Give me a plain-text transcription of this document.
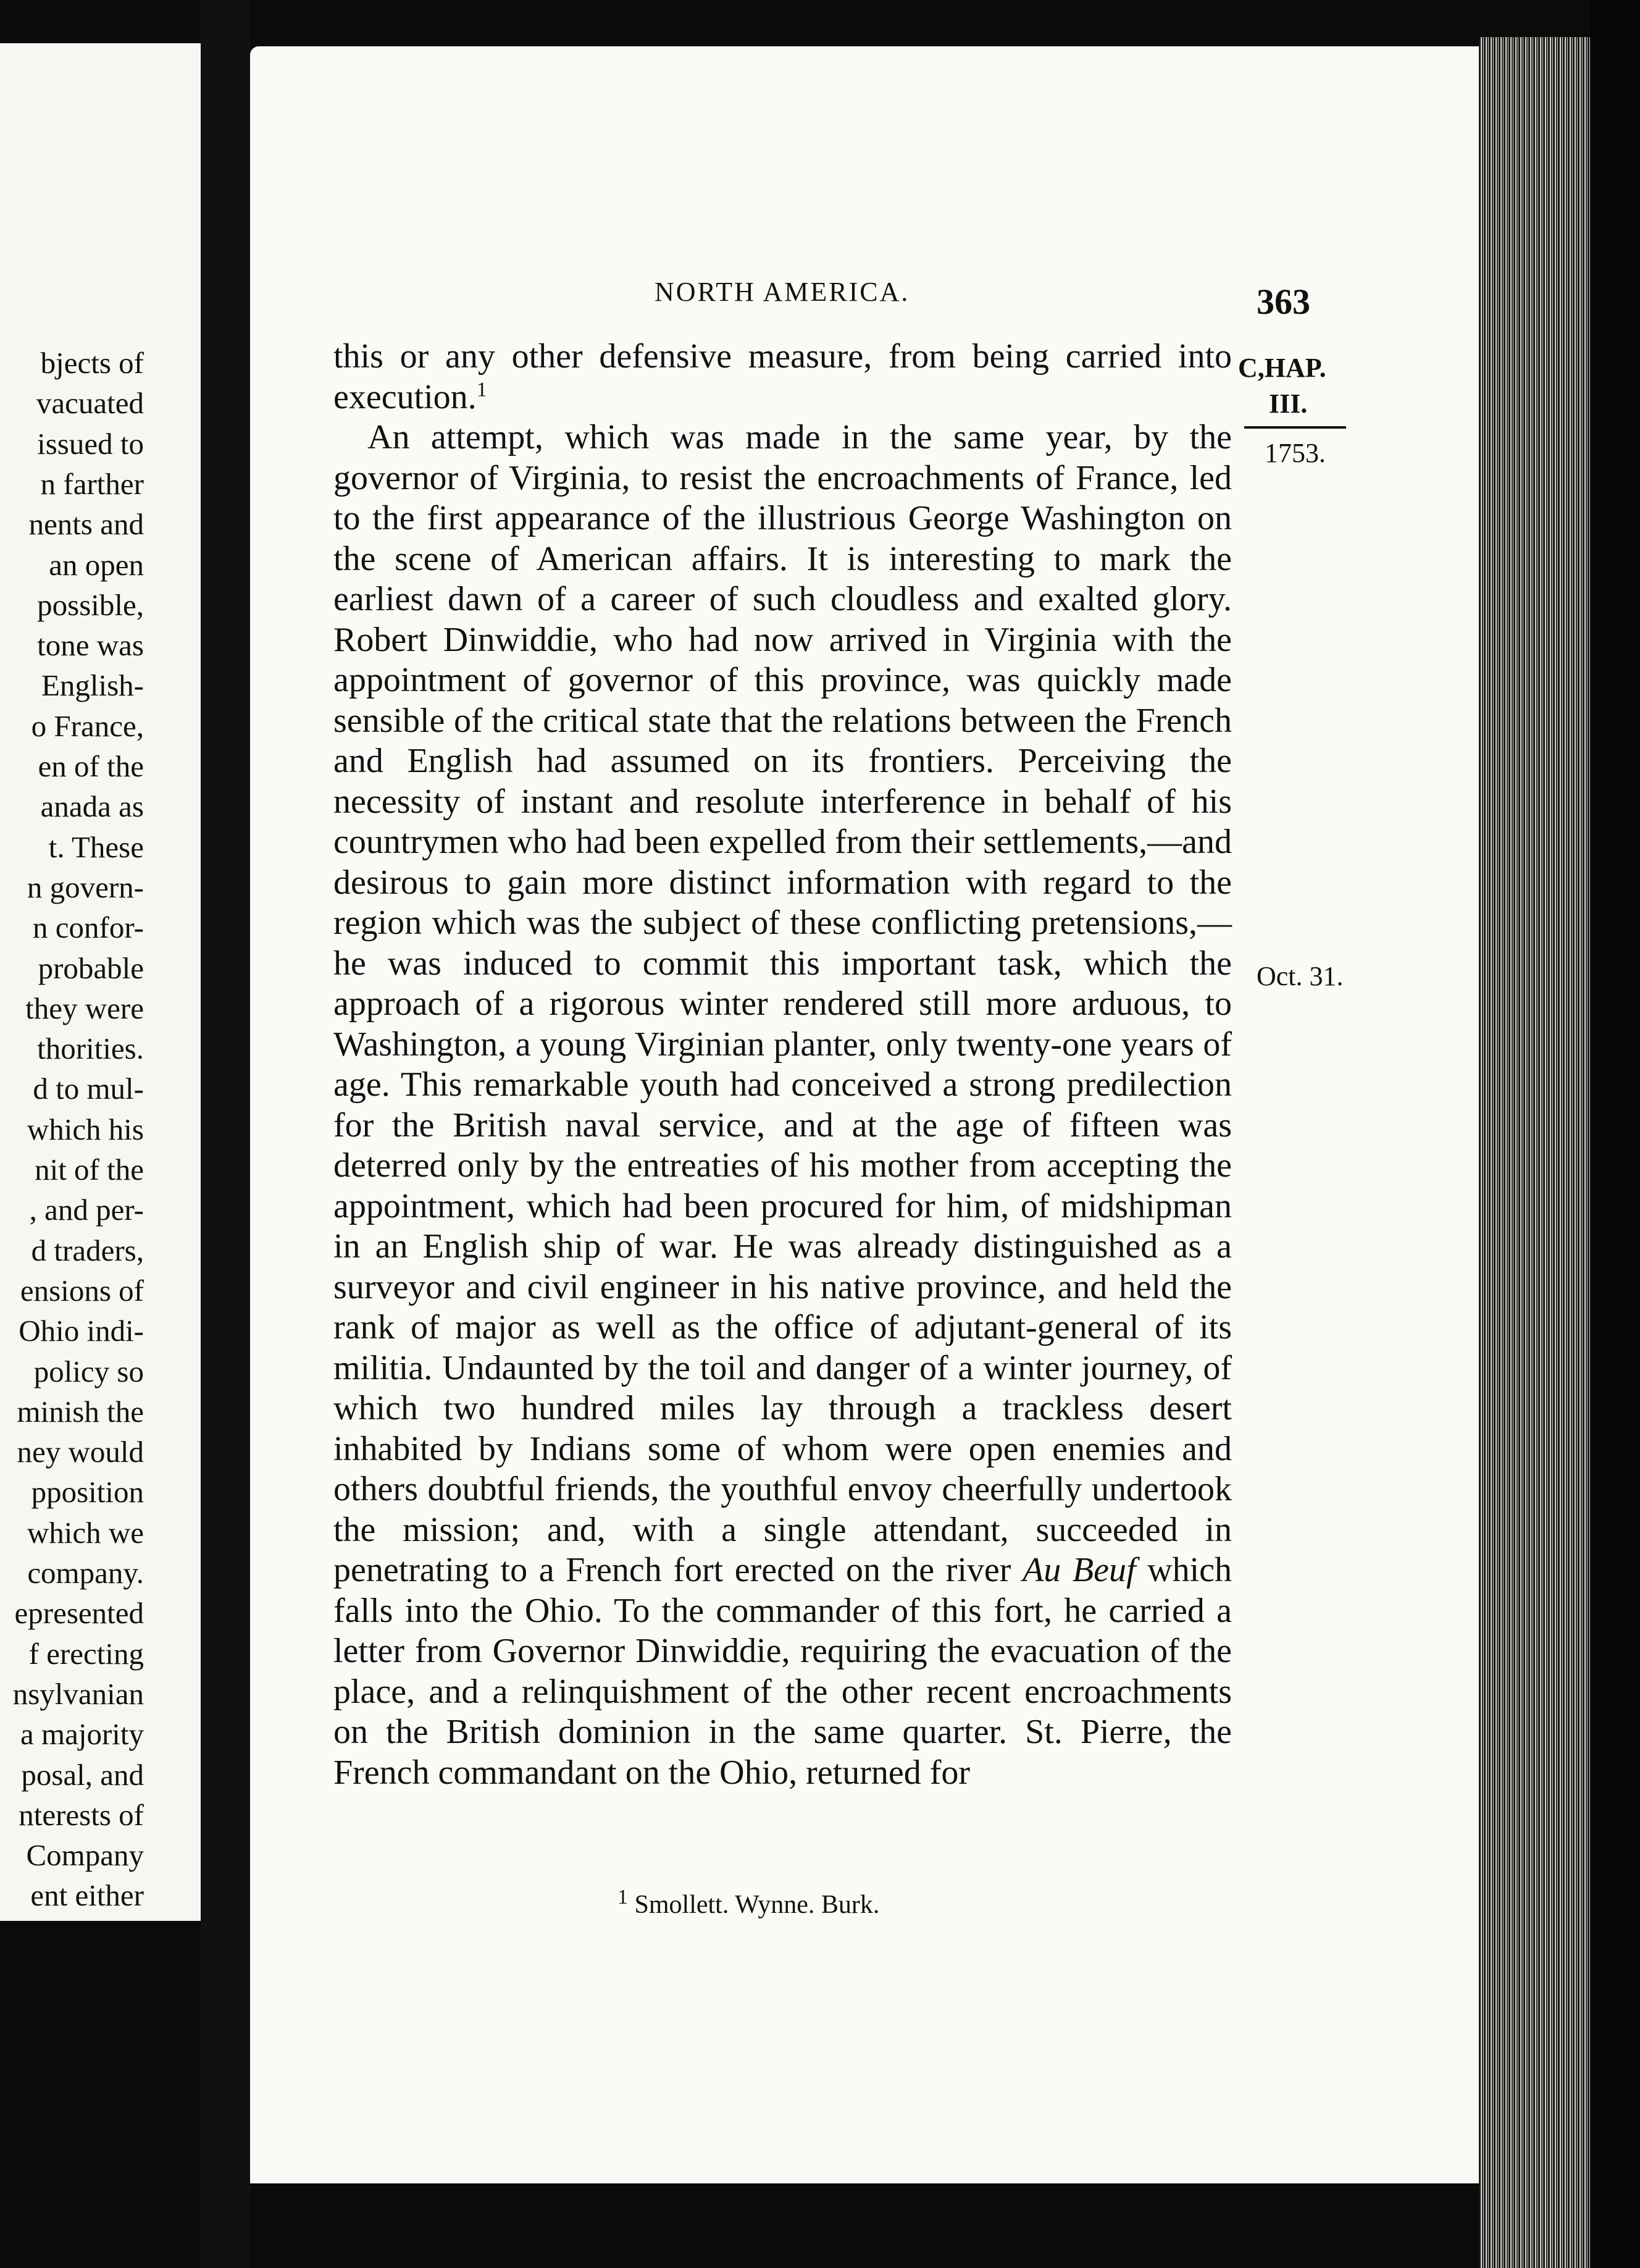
bjects of
vacuated
issued to
n farther
nents and
an open
possible,
tone was
English-
o France,
en of the
anada as
t. These
n govern-
n confor-
probable
they were
thorities.
d to mul-
which his
nit of the
, and per-
d traders,
ensions of
Ohio indi-
policy so
minish the
ney would
pposition
which we
company.
epresented
f erecting
nsylvanian
a majority
posal, and
nterests of
Company
ent either
NORTH AMERICA.	363
C,HAP.
III.
1753.
Oct. 31.

this or any other defensive measure, from being carried into execution.$^1$

An attempt, which was made in the same year, by the governor of Virginia, to resist the encroachments of France, led to the first appearance of the illustrious George Washington on the scene of American affairs. It is interesting to mark the earliest dawn of a career of such cloudless and exalted glory. Robert Dinwiddie, who had now arrived in Virginia with the appointment of governor of this province, was quickly made sensible of the critical state that the relations between the French and English had assumed on its frontiers. Perceiving the necessity of instant and resolute interference in behalf of his countrymen who had been expelled from their settlements,—and desirous to gain more distinct information with regard to the region which was the subject of these conflicting pretensions,—he was induced to commit this important task, which the approach of a rigorous winter rendered still more arduous, to Washington, a young Virginian planter, only twenty-one years of age. This remarkable youth had conceived a strong predilection for the British naval service, and at the age of fifteen was deterred only by the entreaties of his mother from accepting the appointment, which had been procured for him, of midshipman in an English ship of war. He was already distinguished as a surveyor and civil engineer in his native province, and held the rank of major as well as the office of adjutant-general of its militia. Undaunted by the toil and danger of a winter journey, of which two hundred miles lay through a trackless desert inhabited by Indians some of whom were open enemies and others doubtful friends, the youthful envoy cheerfully undertook the mission; and, with a single attendant, succeeded in penetrating to a French fort erected on the river Au Beuf which falls into the Ohio. To the commander of this fort, he carried a letter from Governor Dinwiddie, requiring the evacuation of the place, and a relinquishment of the other recent encroachments on the British dominion in the same quarter. St. Pierre, the French commandant on the Ohio, returned for

$^1$ Smollett. Wynne. Burk.
